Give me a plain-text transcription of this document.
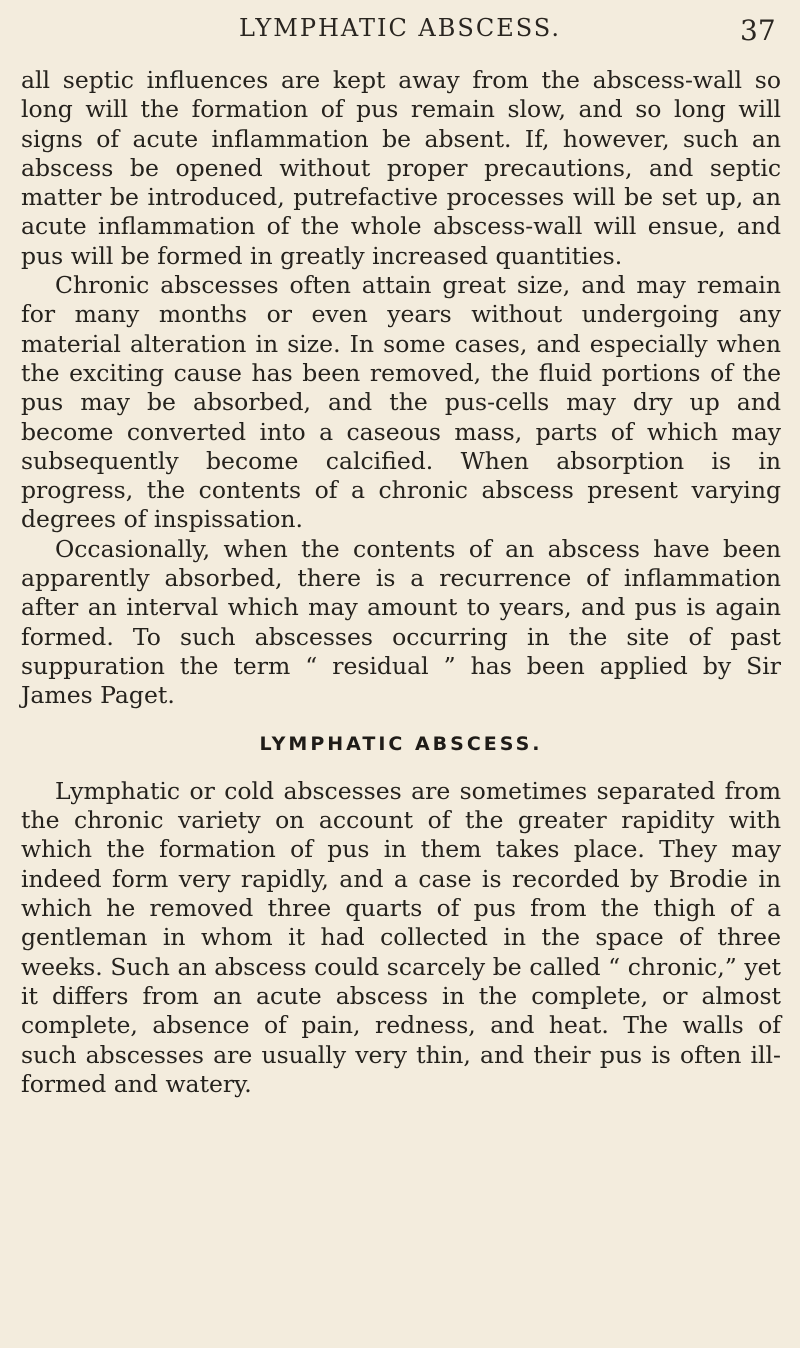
LYMPHATIC ABSCESS.	37

all septic influences are kept away from the abscess-wall so long will the formation of pus remain slow, and so long will signs of acute inflammation be absent. If, however, such an abscess be opened without proper precautions, and septic matter be introduced, putrefactive processes will be set up, an acute inflammation of the whole abscess-wall will ensue, and pus will be formed in greatly increased quantities.

Chronic abscesses often attain great size, and may remain for many months or even years without undergoing any material alteration in size. In some cases, and especially when the exciting cause has been removed, the fluid portions of the pus may be absorbed, and the pus-cells may dry up and become converted into a caseous mass, parts of which may subsequently become calcified. When absorption is in progress, the contents of a chronic abscess present varying degrees of inspissation.

Occasionally, when the contents of an abscess have been apparently absorbed, there is a recurrence of inflammation after an interval which may amount to years, and pus is again formed. To such abscesses occurring in the site of past suppuration the term “ residual ” has been applied by Sir James Paget.

LYMPHATIC ABSCESS.

Lymphatic or cold abscesses are sometimes separated from the chronic variety on account of the greater rapidity with which the formation of pus in them takes place. They may indeed form very rapidly, and a case is recorded by Brodie in which he removed three quarts of pus from the thigh of a gentleman in whom it had collected in the space of three weeks. Such an abscess could scarcely be called “ chronic,” yet it differs from an acute abscess in the complete, or almost complete, absence of pain, redness, and heat. The walls of such abscesses are usually very thin, and their pus is often ill-formed and watery.
